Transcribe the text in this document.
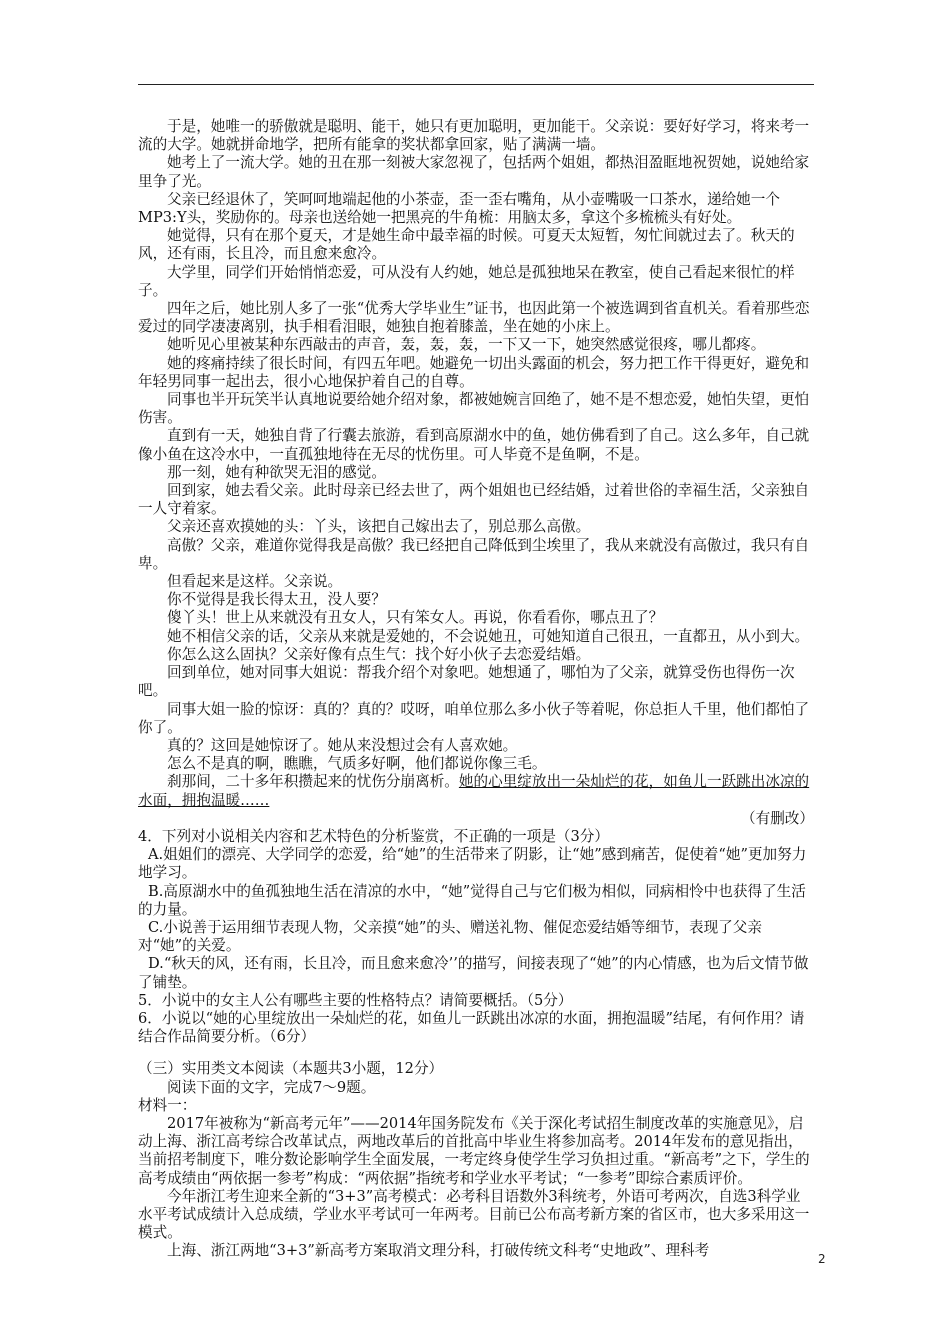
于是，她唯一的骄傲就是聪明、能干，她只有更加聪明，更加能干。父亲说：要好好学习，将来考一流的大学。她就拼命地学，把所有能拿的奖状都拿回家，贴了满满一墙。

她考上了一流大学。她的丑在那一刻被大家忽视了，包括两个姐姐，都热泪盈眶地祝贺她，说她给家里争了光。

父亲已经退休了，笑呵呵地端起他的小茶壶，歪一歪右嘴角，从小壶嘴吸一口茶水，递给她一个MP3:Y头，奖励你的。母亲也送给她一把黑亮的牛角梳：用脑太多，拿这个多梳梳头有好处。

她觉得，只有在那个夏天，才是她生命中最幸福的时候。可夏天太短暂，匆忙间就过去了。秋天的风，还有雨，长且冷，而且愈来愈冷。

大学里，同学们开始悄悄恋爱，可从没有人约她，她总是孤独地呆在教室，使自己看起来很忙的样子。

四年之后，她比别人多了一张“优秀大学毕业生”证书，也因此第一个被选调到省直机关。看着那些恋爱过的同学凄凄离别，执手相看泪眼，她独自抱着膝盖，坐在她的小床上。

她听见心里被某种东西敲击的声音，轰，轰，轰，一下又一下，她突然感觉很疼，哪儿都疼。

她的疼痛持续了很长时间，有四五年吧。她避免一切出头露面的机会，努力把工作干得更好，避免和年轻男同事一起出去，很小心地保护着自己的自尊。

同事也半开玩笑半认真地说要给她介绍对象，都被她婉言回绝了，她不是不想恋爱，她怕失望，更怕伤害。

直到有一天，她独自背了行囊去旅游，看到高原湖水中的鱼，她仿佛看到了自己。这么多年，自己就像小鱼在这冷水中，一直孤独地待在无尽的忧伤里。可人毕竟不是鱼啊，不是。

那一刻，她有种欲哭无泪的感觉。

回到家，她去看父亲。此时母亲已经去世了，两个姐姐也已经结婚，过着世俗的幸福生活，父亲独自一人守着家。

父亲还喜欢摸她的头：丫头，该把自己嫁出去了，别总那么高傲。

高傲？父亲，难道你觉得我是高傲？我已经把自己降低到尘埃里了，我从来就没有高傲过，我只有自卑。

但看起来是这样。父亲说。

你不觉得是我长得太丑，没人要？

傻丫头！世上从来就没有丑女人，只有笨女人。再说，你看看你，哪点丑了？

她不相信父亲的话，父亲从来就是爱她的，不会说她丑，可她知道自己很丑，一直都丑，从小到大。

你怎么这么固执？父亲好像有点生气：找个好小伙子去恋爱结婚。

回到单位，她对同事大姐说：帮我介绍个对象吧。她想通了，哪怕为了父亲，就算受伤也得伤一次吧。

同事大姐一脸的惊讶：真的？真的？哎呀，咱单位那么多小伙子等着呢，你总拒人千里，他们都怕了你了。

真的？这回是她惊讶了。她从来没想过会有人喜欢她。

怎么不是真的啊，瞧瞧，气质多好啊，他们都说你像三毛。

刹那间，二十多年积攒起来的忧伤分崩离析。她的心里绽放出一朵灿烂的花，如鱼儿一跃跳出冰凉的水面，拥抱温暖……

（有删改）

4．下列对小说相关内容和艺术特色的分析鉴赏，不正确的一项是（3分）

A.姐姐们的漂亮、大学同学的恋爱，给“她”的生活带来了阴影，让“她”感到痛苦，促使着“她”更加努力地学习。

B.高原湖水中的鱼孤独地生活在清凉的水中，“她”觉得自己与它们极为相似，同病相怜中也获得了生活的力量。

C.小说善于运用细节表现人物，父亲摸“她”的头、赠送礼物、催促恋爱结婚等细节，表现了父亲对“她”的关爱。

D.“秋天的风，还有雨，长且冷，而且愈来愈冷’’的描写，间接表现了“她”的内心情感，也为后文情节做了铺垫。

5．小说中的女主人公有哪些主要的性格特点？请简要概括。（5分）

6．小说以“她的心里绽放出一朵灿烂的花，如鱼儿一跃跳出冰凉的水面，拥抱温暖”结尾，有何作用？请结合作品简要分析。（6分）

（三）实用类文本阅读（本题共3小题，12分）

阅读下面的文字，完成7～9题。

材料一：

2017年被称为“新高考元年”——2014年国务院发布《关于深化考试招生制度改革的实施意见》，启动上海、浙江高考综合改革试点，两地改革后的首批高中毕业生将参加高考。2014年发布的意见指出，当前招考制度下，唯分数论影响学生全面发展，一考定终身使学生学习负担过重。“新高考”之下，学生的高考成绩由“两依据一参考”构成：“两依据”指统考和学业水平考试；“一参考”即综合素质评价。

今年浙江考生迎来全新的“3+3”高考模式：必考科目语数外3科统考，外语可考两次，自选3科学业水平考试成绩计入总成绩，学业水平考试可一年两考。目前已公布高考新方案的省区市，也大多采用这一模式。

上海、浙江两地“3+3”新高考方案取消文理分科，打破传统文科考“史地政”、理科考	2
